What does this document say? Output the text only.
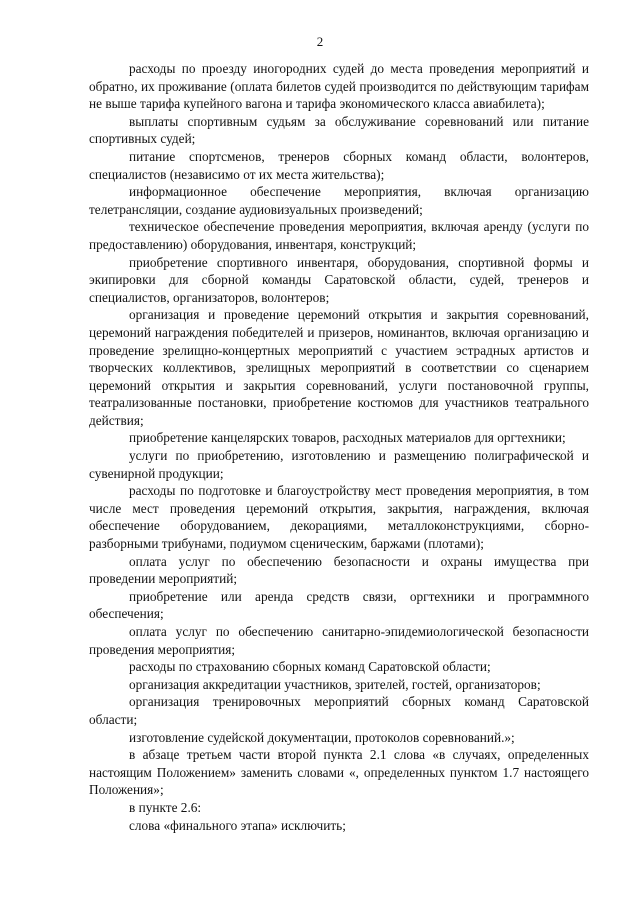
2

расходы по проезду иногородних судей до места проведения мероприятий и обратно, их проживание (оплата билетов судей производится по действующим тарифам не выше тарифа купейного вагона и тарифа экономического класса авиабилета);

выплаты спортивным судьям за обслуживание соревнований или питание спортивных судей;

питание спортсменов, тренеров сборных команд области, волонтеров, специалистов (независимо от их места жительства);

информационное обеспечение мероприятия, включая организацию телетрансляции, создание аудиовизуальных произведений;

техническое обеспечение проведения мероприятия, включая аренду (услуги по предоставлению) оборудования, инвентаря, конструкций;

приобретение спортивного инвентаря, оборудования, спортивной формы и экипировки для сборной команды Саратовской области, судей, тренеров и специалистов, организаторов, волонтеров;

организация и проведение церемоний открытия и закрытия соревнований, церемоний награждения победителей и призеров, номинантов, включая организацию и проведение зрелищно-концертных мероприятий с участием эстрадных артистов и творческих коллективов, зрелищных мероприятий в соответствии со сценарием церемоний открытия и закрытия соревнований, услуги постановочной группы, театрализованные постановки, приобретение костюмов для участников театрального действия;

приобретение канцелярских товаров, расходных материалов для оргтехники;

услуги по приобретению, изготовлению и размещению полиграфической и сувенирной продукции;

расходы по подготовке и благоустройству мест проведения мероприятия, в том числе мест проведения церемоний открытия, закрытия, награждения, включая обеспечение оборудованием, декорациями, металлоконструкциями, сборно-разборными трибунами, подиумом сценическим, баржами (плотами);

оплата услуг по обеспечению безопасности и охраны имущества при проведении мероприятий;

приобретение или аренда средств связи, оргтехники и программного обеспечения;

оплата услуг по обеспечению санитарно-эпидемиологической безопасности проведения мероприятия;

расходы по страхованию сборных команд Саратовской области;

организация аккредитации участников, зрителей, гостей, организаторов;

организация тренировочных мероприятий сборных команд Саратовской области;

изготовление судейской документации, протоколов соревнований.»;

в абзаце третьем части второй пункта 2.1 слова «в случаях, определенных настоящим Положением» заменить словами «, определенных пунктом 1.7 настоящего Положения»;

в пункте 2.6:

слова «финального этапа» исключить;
